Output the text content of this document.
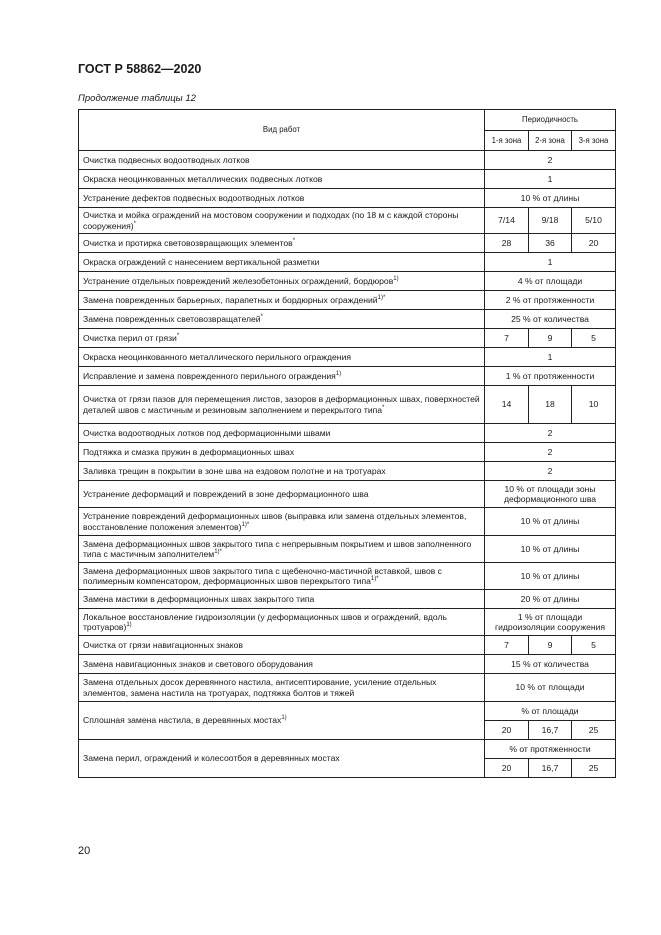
ГОСТ Р 58862—2020
Продолжение таблицы 12
Вид работ	Периодичность		
	1-я зона	2-я зона	3-я зона
Очистка подвесных водоотводных лотков	2		
Окраска неоцинкованных металлических подвесных лотков	1		
Устранение дефектов подвесных водоотводных лотков	10 % от длины		
Очистка и мойка ограждений на мостовом сооружении и подходах (по 18 м с каждой стороны сооружения)*	7/14	9/18	5/10
Очистка и протирка световозвращающих элементов*	28	36	20
Окраска ограждений с нанесением вертикальной разметки	1		
Устранение отдельных повреждений железобетонных ограждений, бордюров$^{1)}$	4 % от площади		
Замена поврежденных барьерных, парапетных и бордюрных ограждений$^{1)*}$	2 % от протяженности		
Замена поврежденных световозвращателей*	25 % от количества		
Очистка перил от грязи*	7	9	5
Окраска неоцинкованного металлического перильного ограждения	1		
Исправление и замена поврежденного перильного ограждения$^{1)}$	1 % от протяженности		
Очистка от грязи пазов для перемещения листов, зазоров в деформационных швах, поверхностей деталей швов с мастичным и резиновым заполнением и перекрытого типа*	14	18	10
Очистка водоотводных лотков под деформационными швами	2		
Подтяжка и смазка пружин в деформационных швах	2		
Заливка трещин в покрытии в зоне шва на ездовом полотне и на тротуарах	2		
Устранение деформаций и повреждений в зоне деформационного шва	10 % от площади зоны деформационного шва		
Устранение повреждений деформационных швов (выправка или замена отдельных элементов, восстановление положения элементов)$^{1)*}$	10 % от длины		
Замена деформационных швов закрытого типа с непрерывным покрытием и швов заполненного типа с мастичным заполнителем$^{1)*}$	10 % от длины		
Замена деформационных швов закрытого типа с щебеночно-мастичной вставкой, швов с полимерным компенсатором, деформационных швов перекрытого типа$^{1)*}$	10 % от длины		
Замена мастики в деформационных швах закрытого типа	20 % от длины		
Локальное восстановление гидроизоляции (у деформационных швов и ограждений, вдоль тротуаров)$^{1)}$	1 % от площади гидроизоляции сооружения		
Очистка от грязи навигационных знаков	7	9	5
Замена навигационных знаков и светового оборудования	15 % от количества		
Замена отдельных досок деревянного настила, антисептирование, усиление отдельных элементов, замена настила на тротуарах, подтяжка болтов и тяжей	10 % от площади		
Сплошная замена настила, в деревянных мостах$^{1)}$	% от площади		
	20	16,7	25
Замена перил, ограждений и колесоотбоя в деревянных мостах	% от протяженности		
	20	16,7	25
20
